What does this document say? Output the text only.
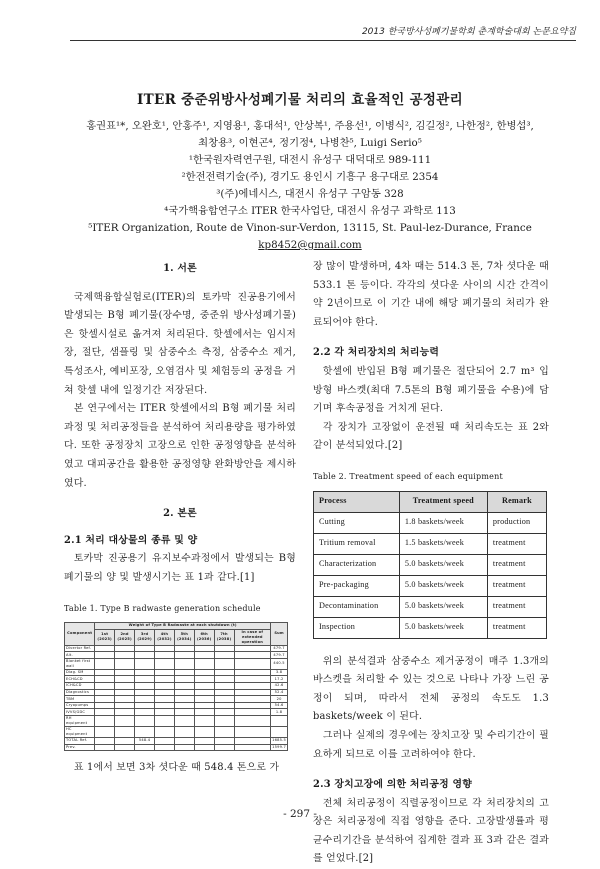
2013 한국방사성폐기물학회 춘계학술대회 논문요약집
ITER 중준위방사성폐기물 처리의 효율적인 공정관리
홍권표¹*, 오완호¹, 안홍주¹, 지영용¹, 홍대석¹, 안상복¹, 주용선¹, 이병식², 김길정², 나한정², 한병섭³,
최창용³, 이현곤⁴, 정기정⁴, 나병찬⁵, Luigi Serio⁵
¹한국원자력연구원, 대전시 유성구 대덕대로 989-111
²한전전력기술(주), 경기도 용인시 기흥구 용구대로 2354
³(주)에네시스, 대전시 유성구 구암동 328
⁴국가핵융합연구소 ITER 한국사업단, 대전시 유성구 과학로 113
⁵ITER Organization, Route de Vinon-sur-Verdon, 13115, St. Paul-lez-Durance, France
kp8452@gmail.com
1. 서론

국제핵융합실험로(ITER)의 토카막 진공용기에서 발생되는 B형 폐기물(장수명, 중준위 방사성폐기물)은 핫셀시설로 옮겨져 처리된다. 핫셀에서는 임시저장, 절단, 샘플링 및 삼중수소 측정, 삼중수소 제거, 특성조사, 예비포장, 오염검사 및 체험등의 공정을 거쳐 핫셀 내에 일정기간 저장된다.

본 연구에서는 ITER 핫셀에서의 B형 폐기물 처리과정 및 처리공정들을 분석하여 처리용량을 평가하였다. 또한 공정장치 고장으로 인한 공정영향을 분석하였고 대피공간을 활용한 공정영향 완화방안을 제시하였다.

2. 본론
2.1 처리 대상물의 종류 및 양

토카막 진공용기 유지보수과정에서 발생되는 B형 폐기물의 양 및 발생시기는 표 1과 같다.[1]

Table 1. Type B radwaste generation schedule
Component	Weight of Type B Radwaste at each shutdown (t)								Sum
	1st (2023)	2nd (2025)	3rd (2029)	4th (2032)	5th (2034)	6th (2036)	7th (2038)	In case of extended operation	
Divertor Ref.									479.7
Alt.									479.7
Blanket first wall									440.5
Diag. SM									3.8
ECH&CD									17.2
ICH&CD									42.6
Diagnostics									52.4
TBM									20
Cryopumps									54.6
IVVS/GDC									1.8
RH equipment									
HC equipment									
TOTAL Ref.			548.4						1685.5
Prev.									1599.7

표 1에서 보면 3차 셧다운 때 548.4 톤으로 가

장 많이 발생하며, 4차 때는 514.3 톤, 7차 셧다운 때 533.1 톤 등이다. 각각의 셧다운 사이의 시간 간격이 약 2년이므로 이 기간 내에 해당 폐기물의 처리가 완료되어야 한다.

2.2 각 처리장치의 처리능력

핫셀에 반입된 B형 폐기물은 절단되어 2.7 m³ 입방형 바스켓(최대 7.5톤의 B형 폐기물을 수용)에 담기며 후속공정을 거치게 된다.

각 장치가 고장없이 운전될 때 처리속도는 표 2와 같이 분석되었다.[2]

Table 2. Treatment speed of each equipment
Process	Treatment speed	Remark
Cutting	1.8 baskets/week	production
Tritium removal	1.5 baskets/week	treatment
Characterization	5.0 baskets/week	treatment
Pre-packaging	5.0 baskets/week	treatment
Decontamination	5.0 baskets/week	treatment
Inspection	5.0 baskets/week	treatment

위의 분석결과 삼중수소 제거공정이 매주 1.3개의 바스켓을 처리할 수 있는 것으로 나타나 가장 느린 공정이 되며, 따라서 전체 공정의 속도도 1.3 baskets/week 이 된다.

그러나 실제의 경우에는 장치고장 및 수리기간이 필요하게 되므로 이를 고려하여야 한다.

2.3 장치고장에 의한 처리공정 영향

전체 처리공정이 직렬공정이므로 각 처리장치의 고장은 처리공정에 직접 영향을 준다. 고장발생률과 평균수리기간을 분석하여 집계한 결과 표 3과 같은 결과를 얻었다.[2]

- 297 -
